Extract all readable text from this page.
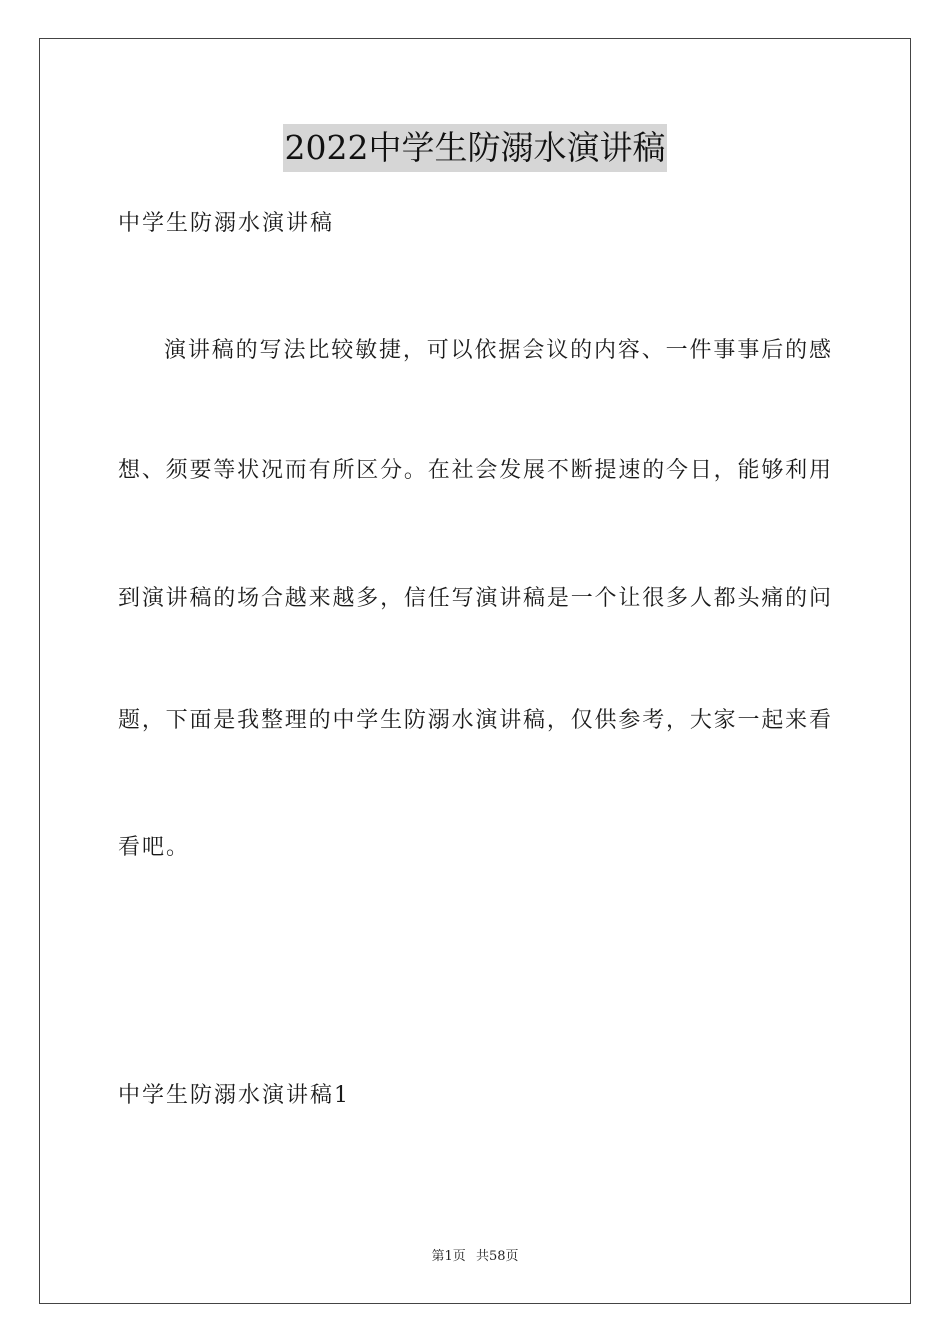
2022中学生防溺水演讲稿
中学生防溺水演讲稿
演讲稿的写法比较敏捷，可以依据会议的内容、一件事事后的感
想、须要等状况而有所区分。在社会发展不断提速的今日，能够利用
到演讲稿的场合越来越多，信任写演讲稿是一个让很多人都头痛的问
题，下面是我整理的中学生防溺水演讲稿，仅供参考，大家一起来看
看吧。
中学生防溺水演讲稿1
第1页 共58页
